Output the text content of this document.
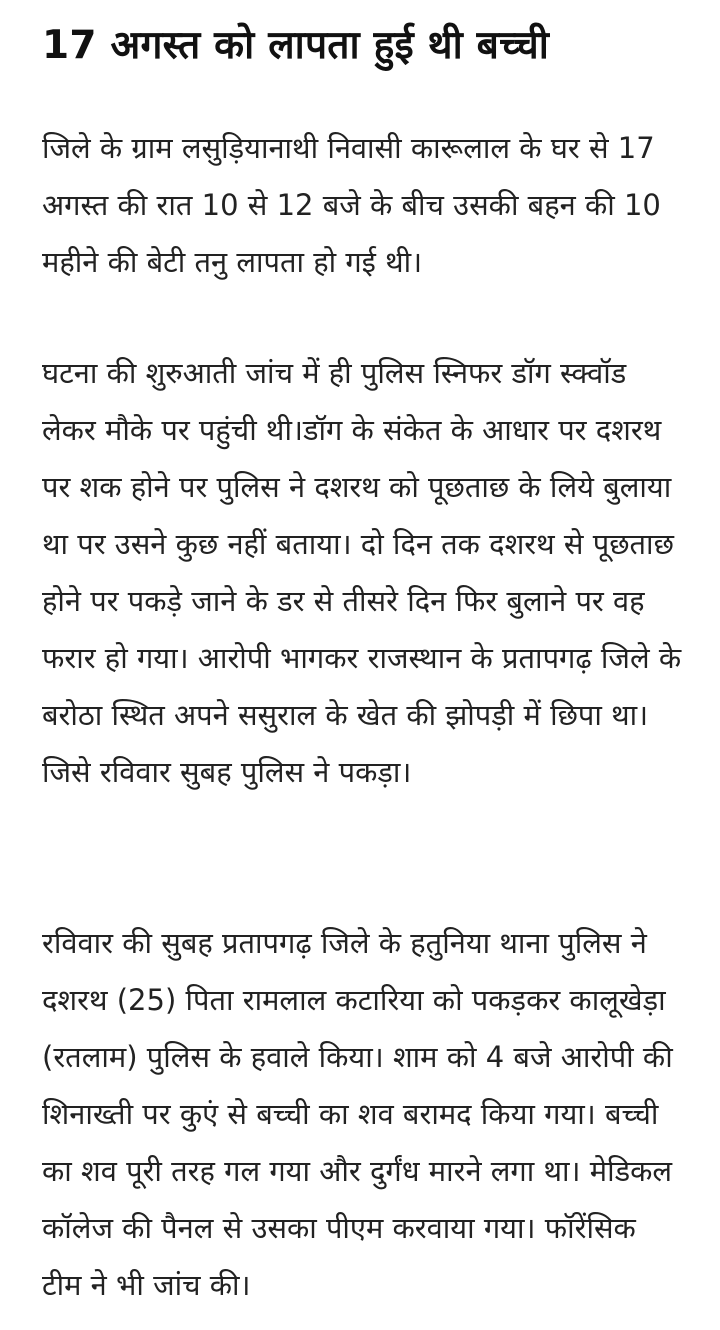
17 अगस्त को लापता हुई थी बच्ची

जिले के ग्राम लसुड़ियानाथी निवासी कारूलाल के घर से 17 अगस्त की रात 10 से 12 बजे के बीच उसकी बहन की 10 महीने की बेटी तनु लापता हो गई थी।

घटना की शुरुआती जांच में ही पुलिस स्निफर डॉग स्क्वॉड लेकर मौके पर पहुंची थी।डॉग के संकेत के आधार पर दशरथ पर शक होने पर पुलिस ने दशरथ को पूछताछ के लिये बुलाया था पर उसने कुछ नहीं बताया। दो दिन तक दशरथ से पूछताछ होने पर पकड़े जाने के डर से तीसरे दिन फिर बुलाने पर वह फरार हो गया। आरोपी भागकर राजस्थान के प्रतापगढ़ जिले के बरोठा स्थित अपने ससुराल के खेत की झोपड़ी में छिपा था। जिसे रविवार सुबह पुलिस ने पकड़ा।

रविवार की सुबह प्रतापगढ़ जिले के हतुनिया थाना पुलिस ने दशरथ (25) पिता रामलाल कटारिया को पकड़कर कालूखेड़ा (रतलाम) पुलिस के हवाले किया। शाम को 4 बजे आरोपी की शिनाख्ती पर कुएं से बच्ची का शव बरामद किया गया। बच्ची का शव पूरी तरह गल गया और दुर्गंध मारने लगा था। मेडिकल कॉलेज की पैनल से उसका पीएम करवाया गया। फॉरेंसिक टीम ने भी जांच की।
